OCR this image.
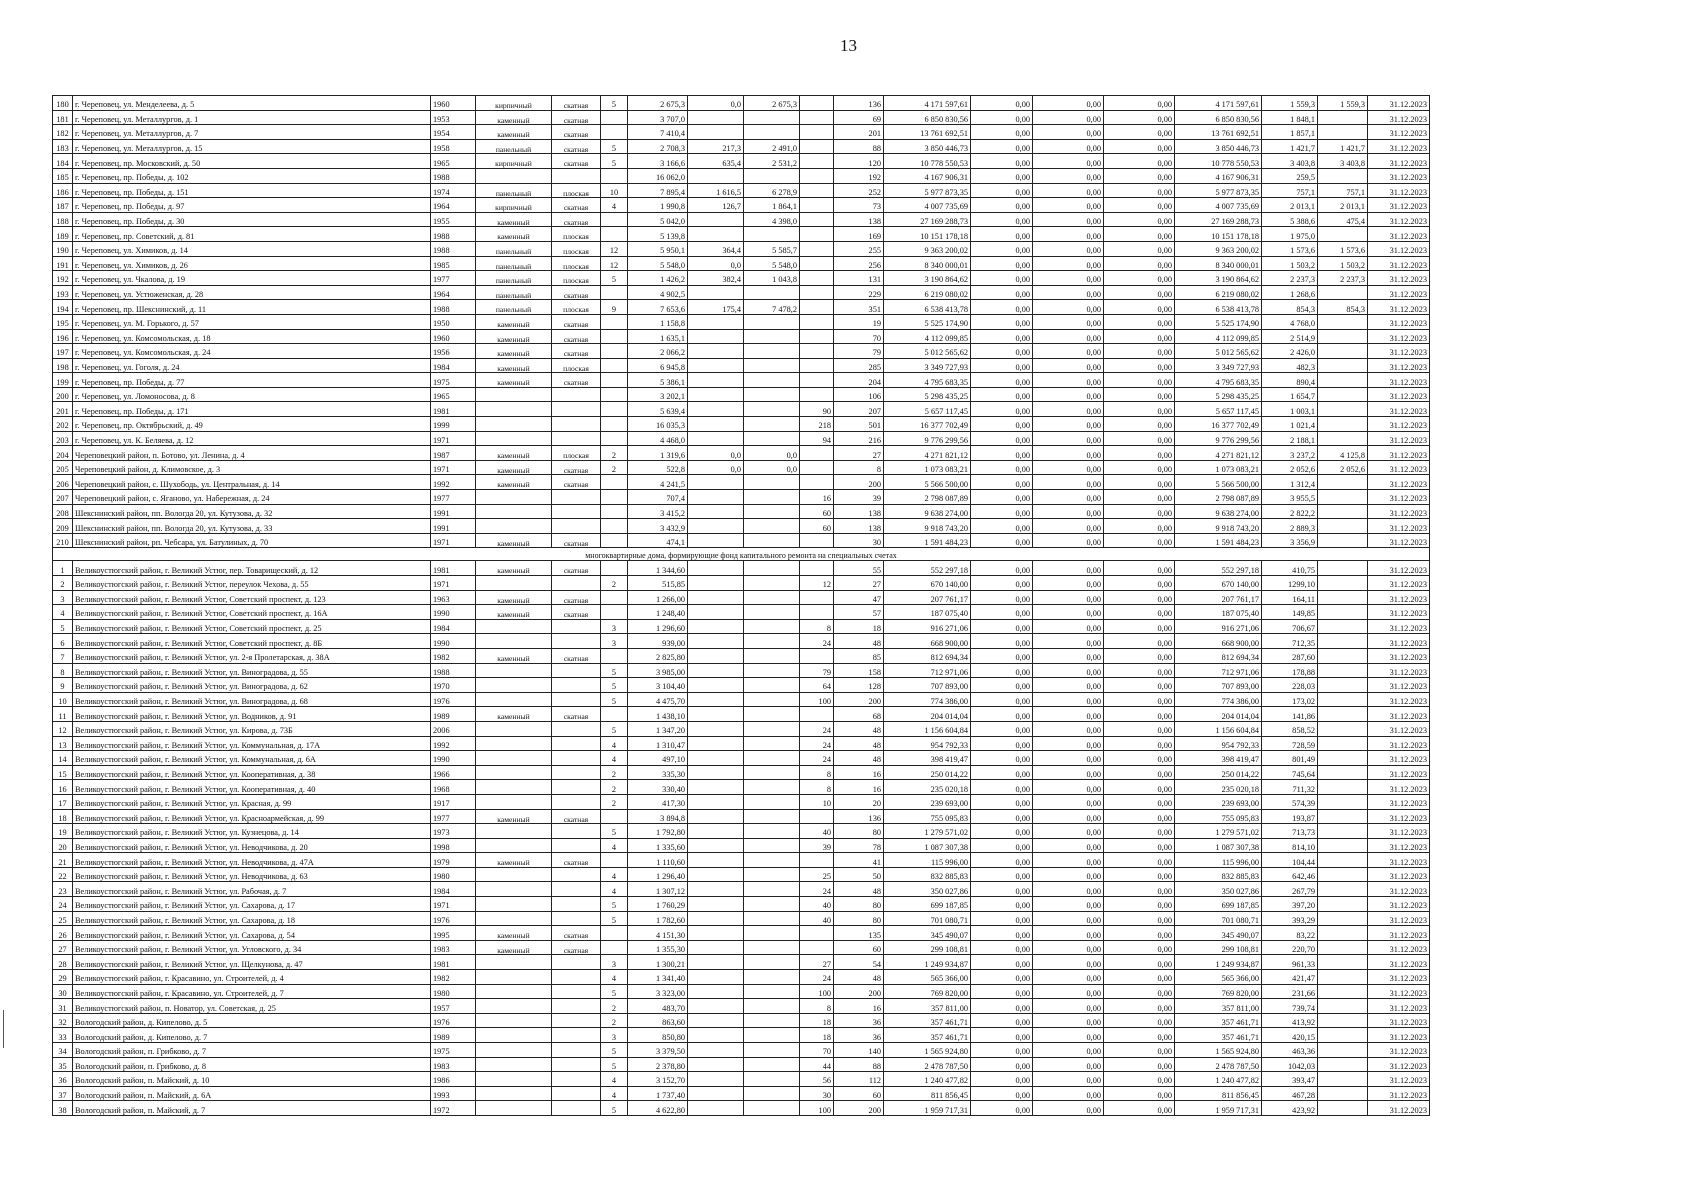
13
180	г. Череповец, ул. Менделеева, д. 5	1960	кирпичный	скатная	5	2 675,3	0,0	2 675,3		136	4 171 597,61	0,00	0,00	0,00	4 171 597,61	1 559,3	1 559,3	31.12.2023
181	г. Череповец, ул. Металлургов, д. 1	1953	каменный	скатная		3 707,0				69	6 850 830,56	0,00	0,00	0,00	6 850 830,56	1 848,1		31.12.2023
182	г. Череповец, ул. Металлургов, д. 7	1954	каменный	скатная		7 410,4				201	13 761 692,51	0,00	0,00	0,00	13 761 692,51	1 857,1		31.12.2023
183	г. Череповец, ул. Металлургов, д. 15	1958	панельный	скатная	5	2 708,3	217,3	2 491,0		88	3 850 446,73	0,00	0,00	0,00	3 850 446,73	1 421,7	1 421,7	31.12.2023
184	г. Череповец, пр. Московский, д. 50	1965	кирпичный	скатная	5	3 166,6	635,4	2 531,2		120	10 778 550,53	0,00	0,00	0,00	10 778 550,53	3 403,8	3 403,8	31.12.2023
185	г. Череповец, пр. Победы, д. 102	1988				16 062,0				192	4 167 906,31	0,00	0,00	0,00	4 167 906,31	259,5		31.12.2023
186	г. Череповец, пр. Победы, д. 151	1974	панельный	плоская	10	7 895,4	1 616,5	6 278,9		252	5 977 873,35	0,00	0,00	0,00	5 977 873,35	757,1	757,1	31.12.2023
187	г. Череповец, пр. Победы, д. 97	1964	кирпичный	скатная	4	1 990,8	126,7	1 864,1		73	4 007 735,69	0,00	0,00	0,00	4 007 735,69	2 013,1	2 013,1	31.12.2023
188	г. Череповец, пр. Победы, д. 30	1955	каменный	скатная		5 042,0		4 398,0		138	27 169 288,73	0,00	0,00	0,00	27 169 288,73	5 388,6	475,4	31.12.2023
189	г. Череповец, пр. Советский, д. 81	1988	каменный	плоская		5 139,8				169	10 151 178,18	0,00	0,00	0,00	10 151 178,18	1 975,0		31.12.2023
190	г. Череповец, ул. Химиков, д. 14	1988	панельный	плоская	12	5 950,1	364,4	5 585,7		255	9 363 200,02	0,00	0,00	0,00	9 363 200,02	1 573,6	1 573,6	31.12.2023
191	г. Череповец, ул. Химиков, д. 26	1985	панельный	плоская	12	5 548,0	0,0	5 548,0		256	8 340 000,01	0,00	0,00	0,00	8 340 000,01	1 503,2	1 503,2	31.12.2023
192	г. Череповец, ул. Чкалова, д. 19	1977	панельный	плоская	5	1 426,2	382,4	1 043,8		131	3 190 864,62	0,00	0,00	0,00	3 190 864,62	2 237,3	2 237,3	31.12.2023
193	г. Череповец, ул. Устюженская, д. 28	1964	панельный	скатная		4 902,5				229	6 219 080,02	0,00	0,00	0,00	6 219 080,02	1 268,6		31.12.2023
194	г. Череповец, пр. Шекснинский, д. 11	1988	панельный	плоская	9	7 653,6	175,4	7 478,2		351	6 538 413,78	0,00	0,00	0,00	6 538 413,78	854,3	854,3	31.12.2023
195	г. Череповец, ул. М. Горького, д. 57	1950	каменный	скатная		1 158,8				19	5 525 174,90	0,00	0,00	0,00	5 525 174,90	4 768,0		31.12.2023
196	г. Череповец, ул. Комсомольская, д. 18	1960	каменный	скатная		1 635,1				70	4 112 099,85	0,00	0,00	0,00	4 112 099,85	2 514,9		31.12.2023
197	г. Череповец, ул. Комсомольская, д. 24	1956	каменный	скатная		2 066,2				79	5 012 565,62	0,00	0,00	0,00	5 012 565,62	2 426,0		31.12.2023
198	г. Череповец, ул. Гоголя, д. 24	1984	каменный	плоская		6 945,8				285	3 349 727,93	0,00	0,00	0,00	3 349 727,93	482,3		31.12.2023
199	г. Череповец, пр. Победы, д. 77	1975	каменный	скатная		5 386,1				204	4 795 683,35	0,00	0,00	0,00	4 795 683,35	890,4		31.12.2023
200	г. Череповец, ул. Ломоносова, д. 8	1965				3 202,1				106	5 298 435,25	0,00	0,00	0,00	5 298 435,25	1 654,7		31.12.2023
201	г. Череповец, пр. Победы, д. 171	1981				5 639,4			90	207	5 657 117,45	0,00	0,00	0,00	5 657 117,45	1 003,1		31.12.2023
202	г. Череповец, пр. Октябрьский, д. 49	1999				16 035,3			218	501	16 377 702,49	0,00	0,00	0,00	16 377 702,49	1 021,4		31.12.2023
203	г. Череповец, ул. К. Беляева, д. 12	1971				4 468,0			94	216	9 776 299,56	0,00	0,00	0,00	9 776 299,56	2 188,1		31.12.2023
204	Череповецкий район, п. Ботово, ул. Ленина, д. 4	1987	каменный	плоская	2	1 319,6	0,0	0,0		27	4 271 821,12	0,00	0,00	0,00	4 271 821,12	3 237,2	4 125,8	31.12.2023
205	Череповецкий район, д. Климовское, д. 3	1971	каменный	скатная	2	522,8	0,0	0,0		8	1 073 083,21	0,00	0,00	0,00	1 073 083,21	2 052,6	2 052,6	31.12.2023
206	Череповецкий район, с. Шухободь, ул. Центральная, д. 14	1992	каменный	скатная		4 241,5				200	5 566 500,00	0,00	0,00	0,00	5 566 500,00	1 312,4		31.12.2023
207	Череповецкий район, с. Яганово, ул. Набережная, д. 24	1977				707,4			16	39	2 798 087,89	0,00	0,00	0,00	2 798 087,89	3 955,5		31.12.2023
208	Шекснинский район, пп. Вологда 20, ул. Кутузова, д. 32	1991				3 415,2			60	138	9 638 274,00	0,00	0,00	0,00	9 638 274,00	2 822,2		31.12.2023
209	Шекснинский район, пп. Вологда 20, ул. Кутузова, д. 33	1991				3 432,9			60	138	9 918 743,20	0,00	0,00	0,00	9 918 743,20	2 889,3		31.12.2023
210	Шекснинский район, рп. Чебсара, ул. Батулиных, д. 70	1971	каменный	скатная		474,1				30	1 591 484,23	0,00	0,00	0,00	1 591 484,23	3 356,9		31.12.2023
многоквартирные дома, формирующие фонд капитального ремонта на специальных счетах																		
1	Великоустюгский район, г. Великий Устюг, пер. Товарищеский, д. 12	1981	каменный	скатная		1 344,60				55	552 297,18	0,00	0,00	0,00	552 297,18	410,75		31.12.2023
2	Великоустюгский район, г. Великий Устюг, переулок Чехова, д. 55	1971			2	515,85			12	27	670 140,00	0,00	0,00	0,00	670 140,00	1299,10		31.12.2023
3	Великоустюгский район, г. Великий Устюг, Советский проспект, д. 123	1963	каменный	скатная		1 266,00				47	207 761,17	0,00	0,00	0,00	207 761,17	164,11		31.12.2023
4	Великоустюгский район, г. Великий Устюг, Советский проспект, д. 16А	1990	каменный	скатная		1 248,40				57	187 075,40	0,00	0,00	0,00	187 075,40	149,85		31.12.2023
5	Великоустюгский район, г. Великий Устюг, Советский проспект, д. 25	1984			3	1 296,60			8	18	916 271,06	0,00	0,00	0,00	916 271,06	706,67		31.12.2023
6	Великоустюгский район, г. Великий Устюг, Советский проспект, д. 8Б	1990			3	939,00			24	48	668 900,00	0,00	0,00	0,00	668 900,00	712,35		31.12.2023
7	Великоустюгский район, г. Великий Устюг, ул. 2-я Пролетарская, д. 38А	1982	каменный	скатная		2 825,80				85	812 694,34	0,00	0,00	0,00	812 694,34	287,60		31.12.2023
8	Великоустюгский район, г. Великий Устюг, ул. Виноградова, д. 55	1988			5	3 985,00			79	158	712 971,06	0,00	0,00	0,00	712 971,06	178,88		31.12.2023
9	Великоустюгский район, г. Великий Устюг, ул. Виноградова, д. 62	1970			5	3 104,40			64	128	707 893,00	0,00	0,00	0,00	707 893,00	228,03		31.12.2023
10	Великоустюгский район, г. Великий Устюг, ул. Виноградова, д. 68	1976			5	4 475,70			100	200	774 386,00	0,00	0,00	0,00	774 386,00	173,02		31.12.2023
11	Великоустюгский район, г. Великий Устюг, ул. Водников, д. 91	1989	каменный	скатная		1 438,10				68	204 014,04	0,00	0,00	0,00	204 014,04	141,86		31.12.2023
12	Великоустюгский район, г. Великий Устюг, ул. Кирова, д. 73Б	2006			5	1 347,20			24	48	1 156 604,84	0,00	0,00	0,00	1 156 604,84	858,52		31.12.2023
13	Великоустюгский район, г. Великий Устюг, ул. Коммунальная, д. 17А	1992			4	1 310,47			24	48	954 792,33	0,00	0,00	0,00	954 792,33	728,59		31.12.2023
14	Великоустюгский район, г. Великий Устюг, ул. Коммунальная, д. 6А	1990			4	497,10			24	48	398 419,47	0,00	0,00	0,00	398 419,47	801,49		31.12.2023
15	Великоустюгский район, г. Великий Устюг, ул. Кооперативная, д. 38	1966			2	335,30			8	16	250 014,22	0,00	0,00	0,00	250 014,22	745,64		31.12.2023
16	Великоустюгский район, г. Великий Устюг, ул. Кооперативная, д. 40	1968			2	330,40			8	16	235 020,18	0,00	0,00	0,00	235 020,18	711,32		31.12.2023
17	Великоустюгский район, г. Великий Устюг, ул. Красная, д. 99	1917			2	417,30			10	20	239 693,00	0,00	0,00	0,00	239 693,00	574,39		31.12.2023
18	Великоустюгский район, г. Великий Устюг, ул. Красноармейская, д. 99	1977	каменный	скатная		3 894,8				136	755 095,83	0,00	0,00	0,00	755 095,83	193,87		31.12.2023
19	Великоустюгский район, г. Великий Устюг, ул. Кузнецова, д. 14	1973			5	1 792,80			40	80	1 279 571,02	0,00	0,00	0,00	1 279 571,02	713,73		31.12.2023
20	Великоустюгский район, г. Великий Устюг, ул. Неводчикова, д. 20	1998			4	1 335,60			39	78	1 087 307,38	0,00	0,00	0,00	1 087 307,38	814,10		31.12.2023
21	Великоустюгский район, г. Великий Устюг, ул. Неводчикова, д. 47А	1979	каменный	скатная		1 110,60				41	115 996,00	0,00	0,00	0,00	115 996,00	104,44		31.12.2023
22	Великоустюгский район, г. Великий Устюг, ул. Неводчикова, д. 63	1980			4	1 296,40			25	50	832 885,83	0,00	0,00	0,00	832 885,83	642,46		31.12.2023
23	Великоустюгский район, г. Великий Устюг, ул. Рабочая, д. 7	1984			4	1 307,12			24	48	350 027,86	0,00	0,00	0,00	350 027,86	267,79		31.12.2023
24	Великоустюгский район, г. Великий Устюг, ул. Сахарова, д. 17	1971			5	1 760,29			40	80	699 187,85	0,00	0,00	0,00	699 187,85	397,20		31.12.2023
25	Великоустюгский район, г. Великий Устюг, ул. Сахарова, д. 18	1976			5	1 782,60			40	80	701 080,71	0,00	0,00	0,00	701 080,71	393,29		31.12.2023
26	Великоустюгский район, г. Великий Устюг, ул. Сахарова, д. 54	1995	каменный	скатная		4 151,30				135	345 490,07	0,00	0,00	0,00	345 490,07	83,22		31.12.2023
27	Великоустюгский район, г. Великий Устюг, ул. Угловского, д. 34	1983	каменный	скатная		1 355,30				60	299 108,81	0,00	0,00	0,00	299 108,81	220,70		31.12.2023
28	Великоустюгский район, г. Великий Устюг, ул. Щелкунова, д. 47	1981			3	1 300,21			27	54	1 249 934,87	0,00	0,00	0,00	1 249 934,87	961,33		31.12.2023
29	Великоустюгский район, г. Красавино, ул. Строителей, д. 4	1982			4	1 341,40			24	48	565 366,00	0,00	0,00	0,00	565 366,00	421,47		31.12.2023
30	Великоустюгский район, г. Красавино, ул. Строителей, д. 7	1980			5	3 323,00			100	200	769 820,00	0,00	0,00	0,00	769 820,00	231,66		31.12.2023
31	Великоустюгский район, п. Новатор, ул. Советская, д. 25	1957			2	483,70			8	16	357 811,00	0,00	0,00	0,00	357 811,00	739,74		31.12.2023
32	Вологодский район, д. Кипелово, д. 5	1976			2	863,60			18	36	357 461,71	0,00	0,00	0,00	357 461,71	413,92		31.12.2023
33	Вологодский район, д. Кипелово, д. 7	1989			3	850,80			18	36	357 461,71	0,00	0,00	0,00	357 461,71	420,15		31.12.2023
34	Вологодский район, п. Грибково, д. 7	1975			5	3 379,50			70	140	1 565 924,80	0,00	0,00	0,00	1 565 924,80	463,36		31.12.2023
35	Вологодский район, п. Грибково, д. 8	1983			5	2 378,80			44	88	2 478 787,50	0,00	0,00	0,00	2 478 787,50	1042,03		31.12.2023
36	Вологодский район, п. Майский, д. 10	1986			4	3 152,70			56	112	1 240 477,82	0,00	0,00	0,00	1 240 477,82	393,47		31.12.2023
37	Вологодский район, п. Майский, д. 6А	1993			4	1 737,40			30	60	811 856,45	0,00	0,00	0,00	811 856,45	467,28		31.12.2023
38	Вологодский район, п. Майский, д. 7	1972			5	4 622,80			100	200	1 959 717,31	0,00	0,00	0,00	1 959 717,31	423,92		31.12.2023
